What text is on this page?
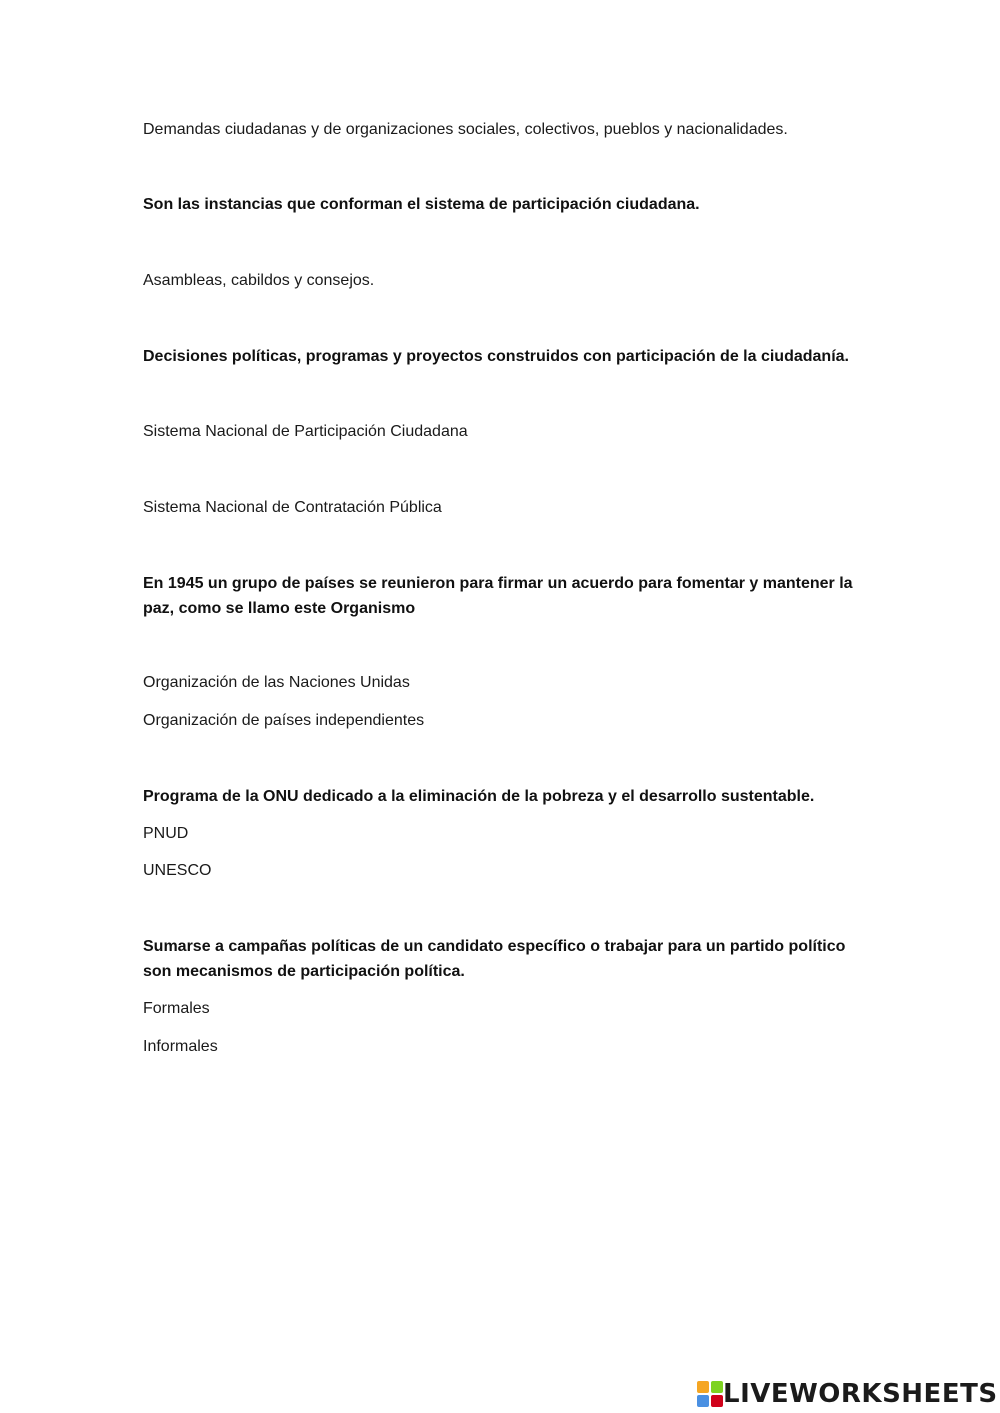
Demandas ciudadanas y de organizaciones sociales, colectivos, pueblos y nacionalidades.
Son las instancias que conforman el sistema de participación ciudadana.
Asambleas, cabildos y consejos.
Decisiones políticas, programas y proyectos construidos con participación de la ciudadanía.
Sistema Nacional de Participación Ciudadana
Sistema Nacional de Contratación Pública
En 1945 un grupo de países se reunieron para firmar un acuerdo para fomentar y mantener la paz, como se llamo este Organismo
Organización de las Naciones Unidas
Organización de países independientes
Programa de la ONU dedicado a la eliminación de la pobreza y el desarrollo sustentable.
PNUD
UNESCO
Sumarse a campañas políticas de un candidato específico o trabajar para un partido político son mecanismos de participación política.
Formales
Informales
LIVEWORKSHEETS
